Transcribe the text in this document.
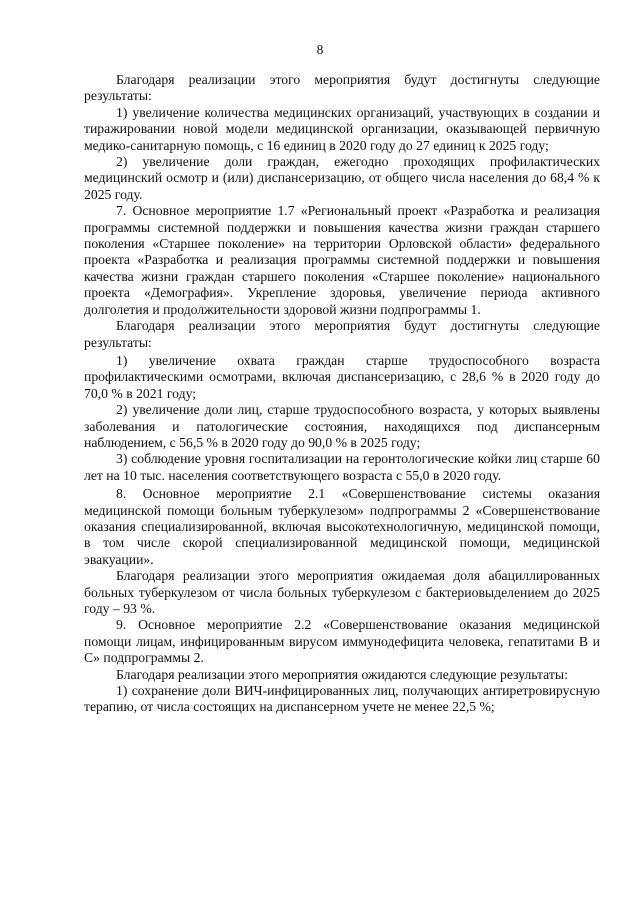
8

Благодаря реализации этого мероприятия будут достигнуты следующие результаты:

1) увеличение количества медицинских организаций, участвующих в создании и тиражировании новой модели медицинской организации, оказывающей первичную медико-санитарную помощь, с 16 единиц в 2020 году до 27 единиц к 2025 году;

2) увеличение доли граждан, ежегодно проходящих профилактических медицинский осмотр и (или) диспансеризацию, от общего числа населения до 68,4 % к 2025 году.

7. Основное мероприятие 1.7 «Региональный проект «Разработка и реализация программы системной поддержки и повышения качества жизни граждан старшего поколения «Старшее поколение» на территории Орловской области» федерального проекта «Разработка и реализация программы системной поддержки и повышения качества жизни граждан старшего поколения «Старшее поколение» национального проекта «Демография». Укрепление здоровья, увеличение периода активного долголетия и продолжительности здоровой жизни подпрограммы 1.

Благодаря реализации этого мероприятия будут достигнуты следующие результаты:

1) увеличение охвата граждан старше трудоспособного возраста профилактическими осмотрами, включая диспансеризацию, с 28,6 % в 2020 году до 70,0 % в 2021 году;

2) увеличение доли лиц, старше трудоспособного возраста, у которых выявлены заболевания и патологические состояния, находящихся под диспансерным наблюдением, с 56,5 % в 2020 году до 90,0 % в 2025 году;

3) соблюдение уровня госпитализации на геронтологические койки лиц старше 60 лет на 10 тыс. населения соответствующего возраста с 55,0 в 2020 году.

8. Основное мероприятие 2.1 «Совершенствование системы оказания медицинской помощи больным туберкулезом» подпрограммы 2 «Совершенствование оказания специализированной, включая высокотехнологичную, медицинской помощи, в том числе скорой специализированной медицинской помощи, медицинской эвакуации».

Благодаря реализации этого мероприятия ожидаемая доля абациллированных больных туберкулезом от числа больных туберкулезом с бактериовыделением до 2025 году – 93 %.

9. Основное мероприятие 2.2 «Совершенствование оказания медицинской помощи лицам, инфицированным вирусом иммунодефицита человека, гепатитами В и С» подпрограммы 2.

Благодаря реализации этого мероприятия ожидаются следующие результаты:

1) сохранение доли ВИЧ-инфицированных лиц, получающих антиретровирусную терапию, от числа состоящих на диспансерном учете не менее 22,5 %;
